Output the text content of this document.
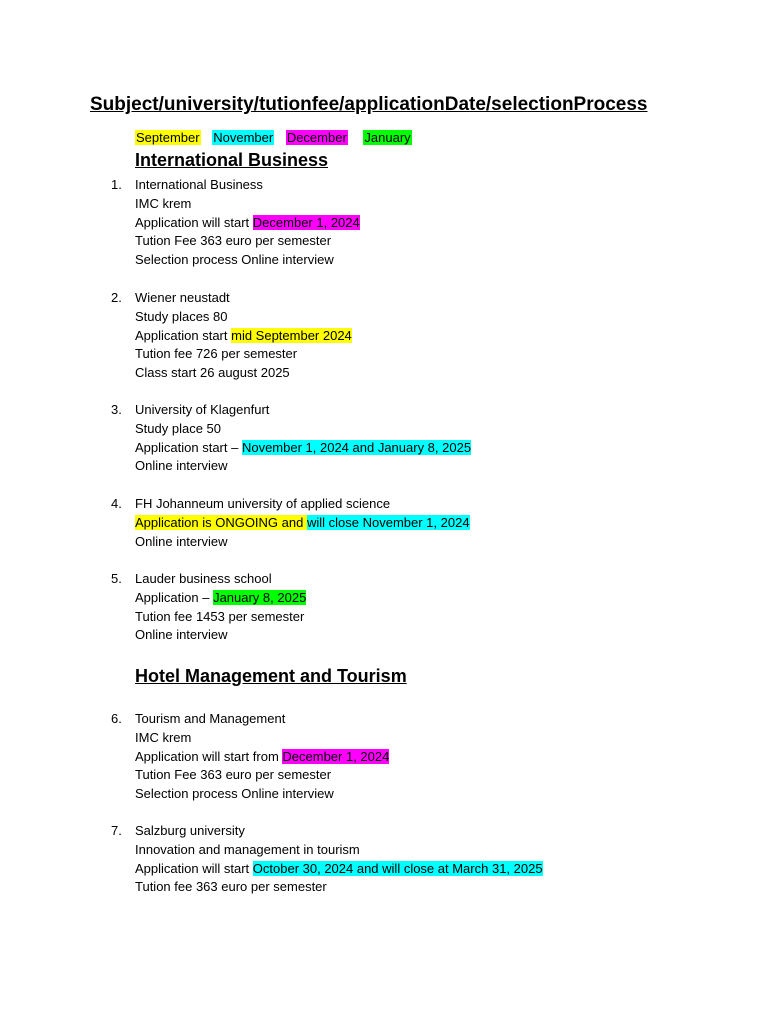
Subject/university/tutionfee/applicationDate/selectionProcess
September November December January
International Business
1.	International Business
IMC krem
Application will start December 1, 2024
Tution Fee 363 euro per semester
Selection process Online interview
2.	Wiener neustadt
Study places 80
Application start mid September 2024
Tution fee 726 per semester
Class start 26 august 2025
3.	University of Klagenfurt
Study place 50
Application start – November 1, 2024 and January 8, 2025
Online interview
4.	FH Johanneum university of applied science
Application is ONGOING and will close November 1, 2024
Online interview
5.	Lauder business school
Application – January 8, 2025
Tution fee 1453 per semester
Online interview
Hotel Management and Tourism
6.	Tourism and Management
IMC krem
Application will start from December 1, 2024
Tution Fee 363 euro per semester
Selection process Online interview
7.	Salzburg university
Innovation and management in tourism
Application will start October 30, 2024 and will close at March 31, 2025
Tution fee 363 euro per semester
